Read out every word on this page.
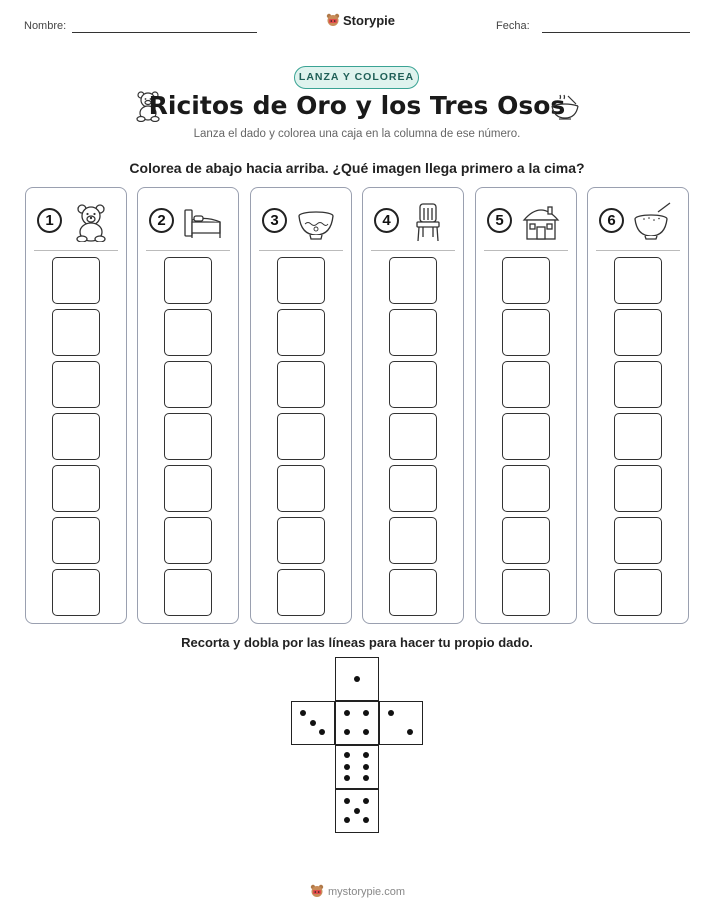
Nombre:	Storypie	Fecha:
LANZA Y COLOREA
Ricitos de Oro y los Tres Osos
Lanza el dado y colorea una caja en la columna de ese número.
Colorea de abajo hacia arriba. ¿Qué imagen llega primero a la cima?
1	2	3	4	5	6
Recorta y dobla por las líneas para hacer tu propio dado.
mystorypie.com
